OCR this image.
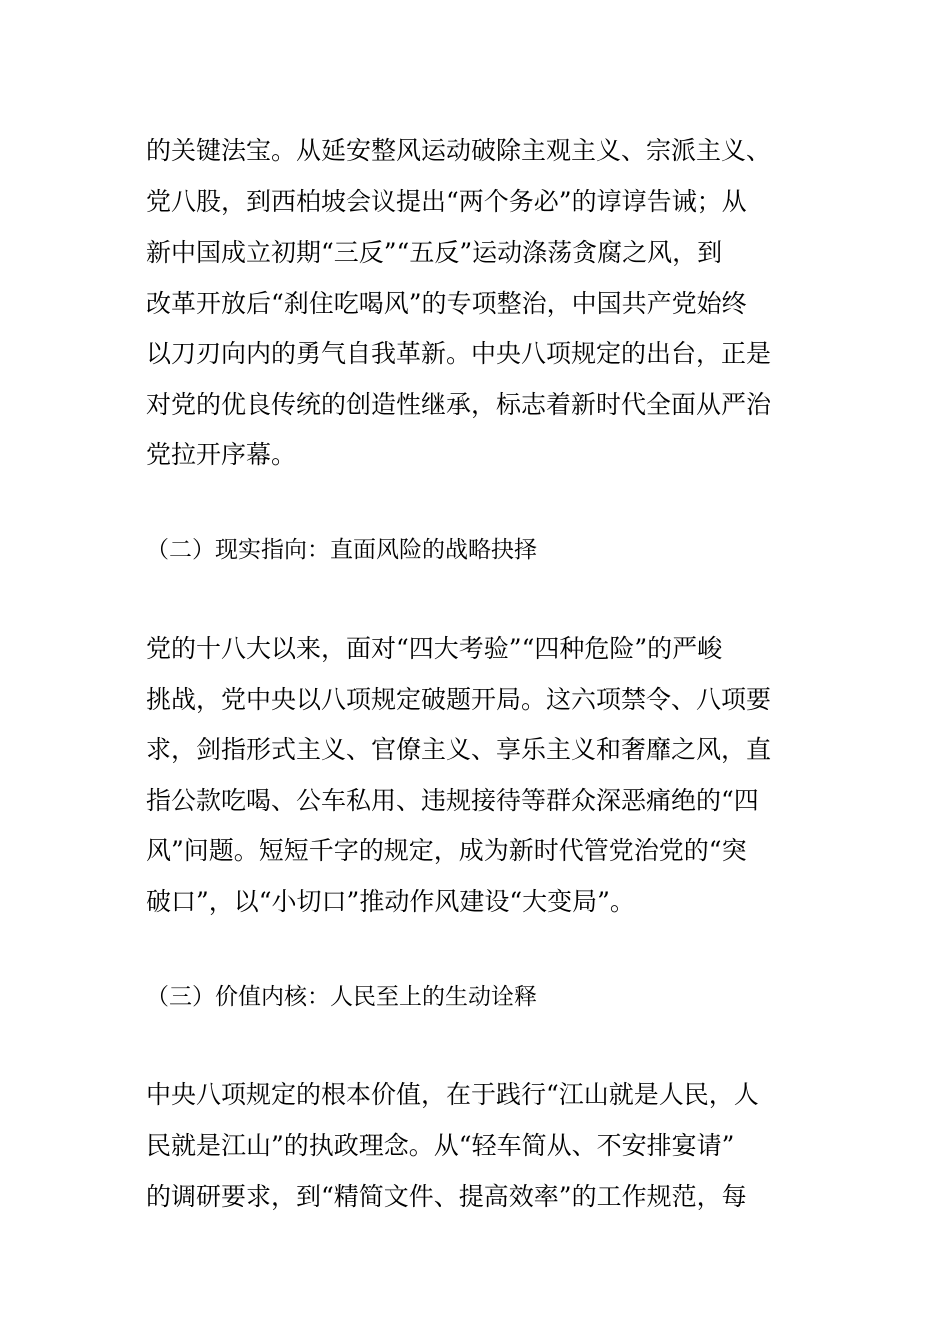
的关键法宝。从延安整风运动破除主观主义、宗派主义、
党八股，到西柏坡会议提出“两个务必”的谆谆告诫；从
新中国成立初期“三反”“五反”运动涤荡贪腐之风，到
改革开放后“刹住吃喝风”的专项整治，中国共产党始终
以刀刃向内的勇气自我革新。中央八项规定的出台，正是
对党的优良传统的创造性继承，标志着新时代全面从严治
党拉开序幕。
（二）现实指向：直面风险的战略抉择
党的十八大以来，面对“四大考验”“四种危险”的严峻
挑战，党中央以八项规定破题开局。这六项禁令、八项要
求，剑指形式主义、官僚主义、享乐主义和奢靡之风，直
指公款吃喝、公车私用、违规接待等群众深恶痛绝的“四
风”问题。短短千字的规定，成为新时代管党治党的“突
破口”，以“小切口”推动作风建设“大变局”。
（三）价值内核：人民至上的生动诠释
中央八项规定的根本价值，在于践行“江山就是人民，人
民就是江山”的执政理念。从“轻车简从、不安排宴请”
的调研要求，到“精简文件、提高效率”的工作规范，每
